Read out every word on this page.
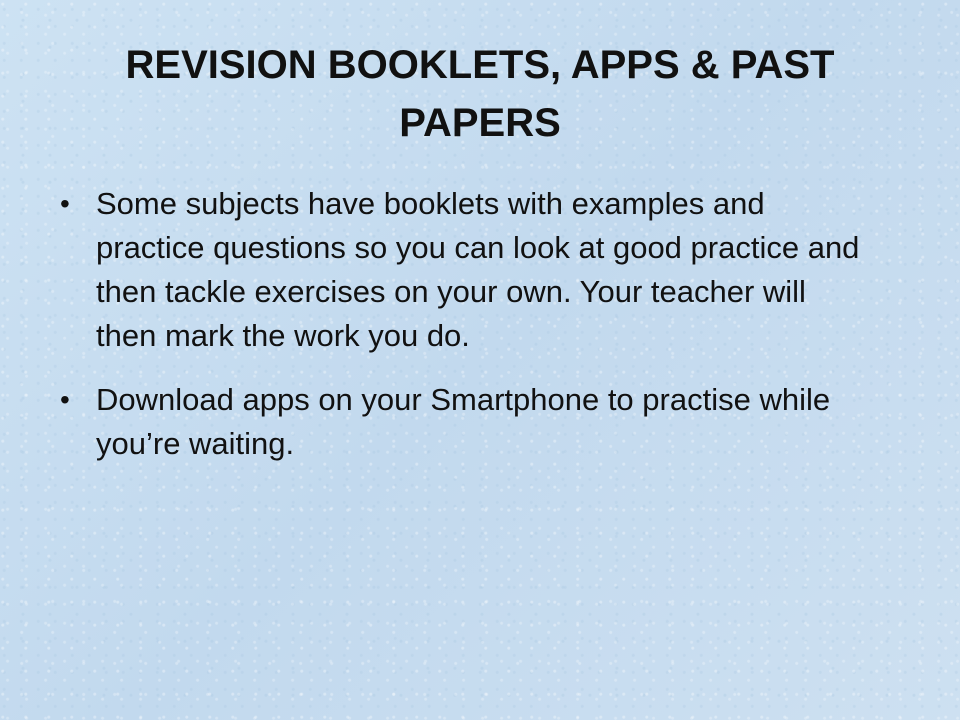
REVISION BOOKLETS, APPS & PAST PAPERS
• Some subjects have booklets with examples and practice questions so you can look at good practice and then tackle exercises on your own. Your teacher will then mark the work you do.
• Download apps on your Smartphone to practise while you’re waiting.
